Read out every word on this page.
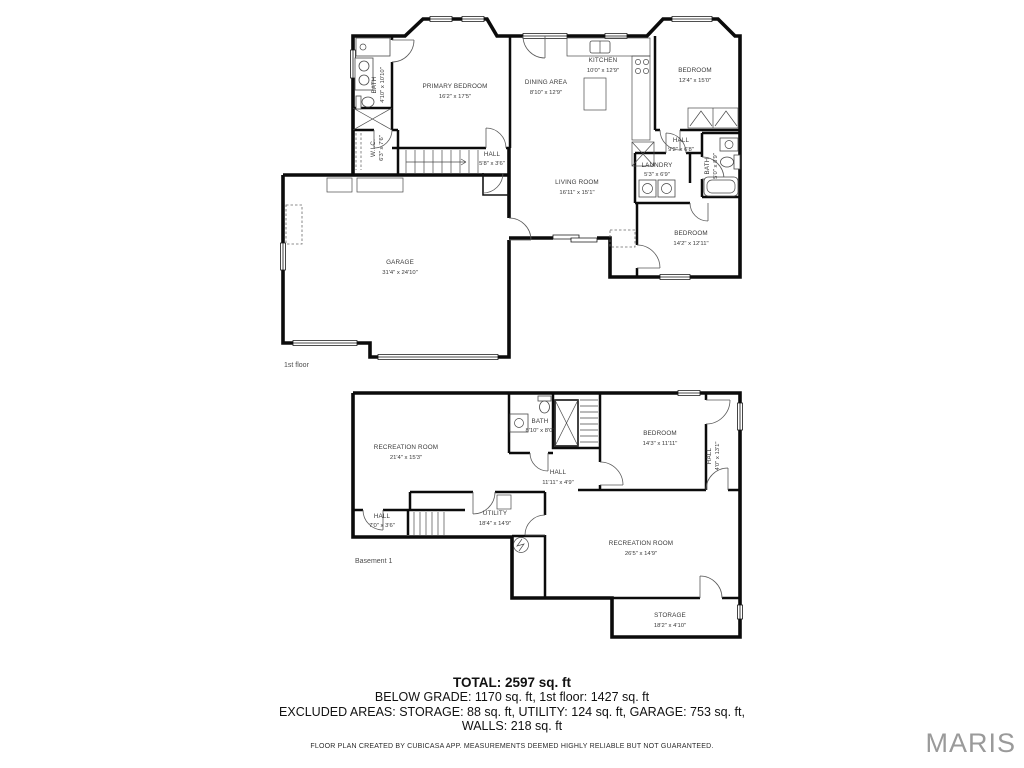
BATH 4'10" x 10'10"	PRIMARY BEDROOM
16'2" x 17'5"
DINING AREA
8'10" x 12'9"
KITCHEN
10'0" x 12'9"	BEDROOM
12'4" x 15'0"
W.I.C. 6'3" x 7'6"	HALL
5'8" x 3'6"
LIVING ROOM
16'11" x 15'1"
HALL
9'2" x 6'8"
LAUNDRY
5'3" x 6'9"
BATH 5'0" x 8'9"
BEDROOM
14'2" x 12'11"
GARAGE
31'4" x 24'10"
1st floor
RECREATION ROOM
21'4" x 15'3"
BATH
8'10" x 8'0"	BEDROOM
14'3" x 11'11"
HALL 4'0" x 13'1"
HALL
11'11" x 4'9"
UTILITY
18'4" x 14'9"
HALL
7'0" x 3'6"
RECREATION ROOM
26'5" x 14'9"
STORAGE
18'2" x 4'10"
Basement 1
TOTAL: 2597 sq. ft
BELOW GRADE: 1170 sq. ft, 1st floor: 1427 sq. ft
EXCLUDED AREAS: STORAGE: 88 sq. ft, UTILITY: 124 sq. ft, GARAGE: 753 sq. ft,
WALLS: 218 sq. ft
FLOOR PLAN CREATED BY CUBICASA APP. MEASUREMENTS DEEMED HIGHLY RELIABLE BUT NOT GUARANTEED.	MARIS
